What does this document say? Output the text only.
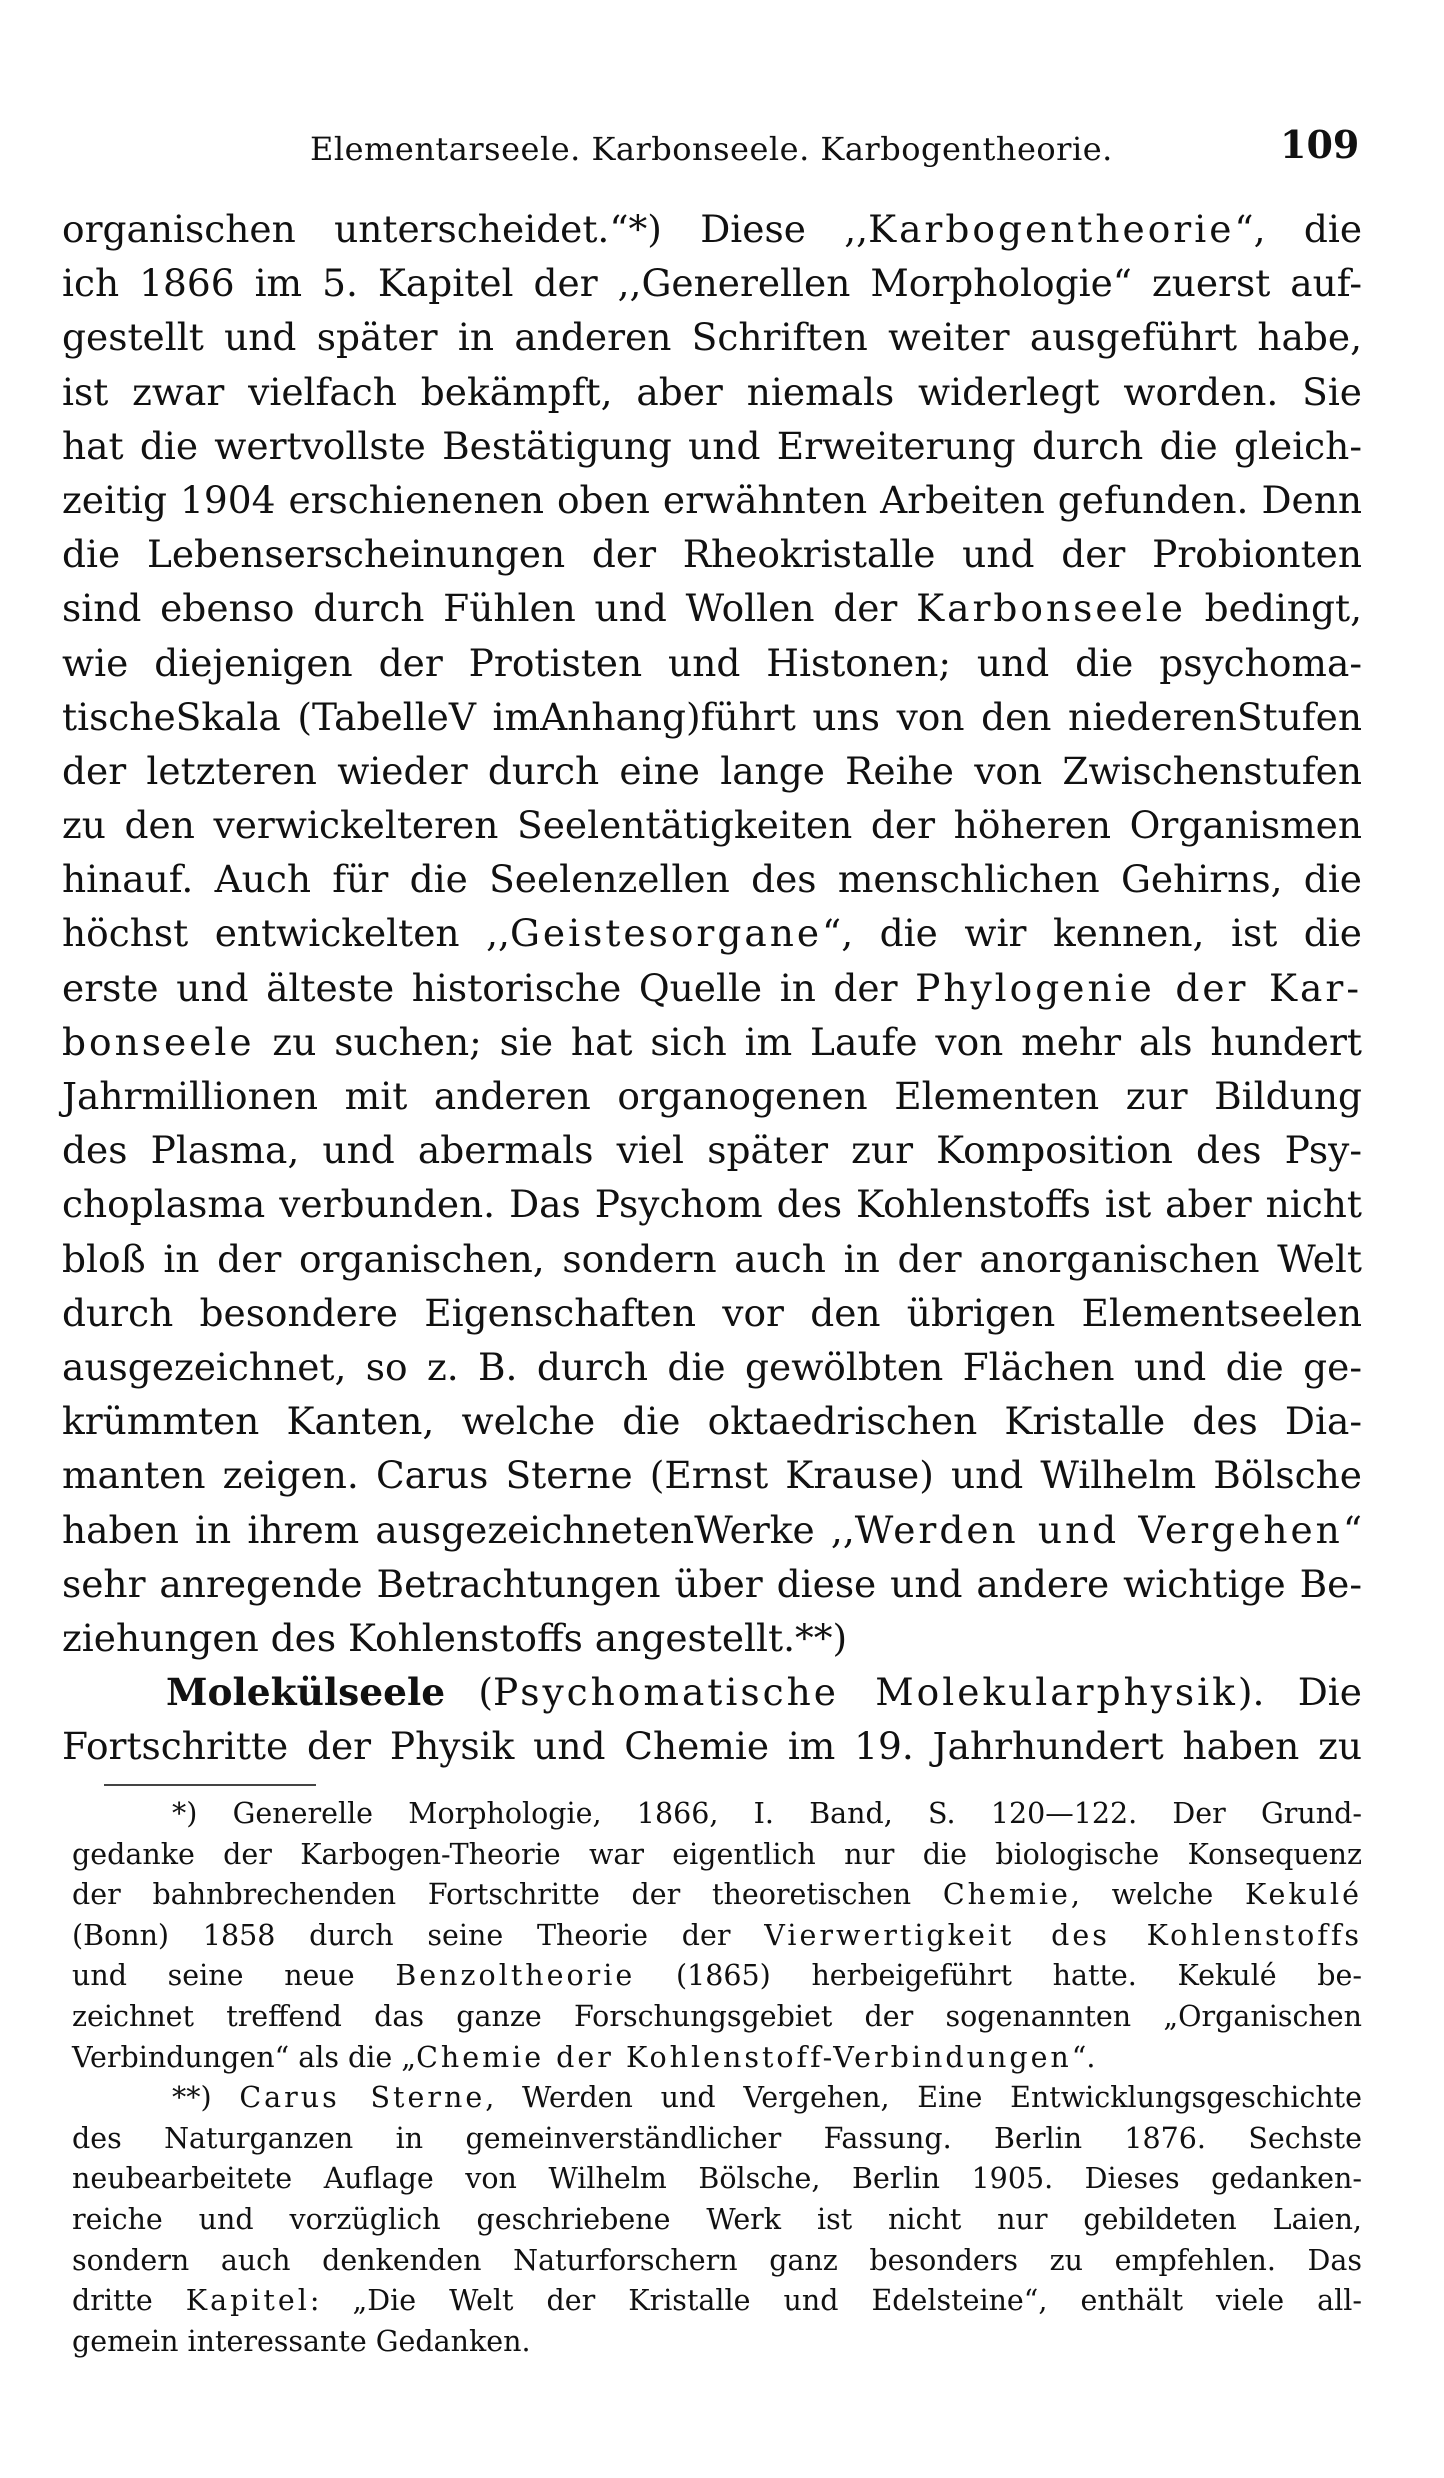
Elementarseele. Karbonseele. Karbogentheorie.	109
organischen unterscheidet.“*) Diese ,,Karbogentheorie“, die
ich 1866 im 5. Kapitel der ,,Generellen Morphologie“ zuerst auf-
gestellt und später in anderen Schriften weiter ausgeführt habe,
ist zwar vielfach bekämpft, aber niemals widerlegt worden. Sie
hat die wertvollste Bestätigung und Erweiterung durch die gleich-
zeitig 1904 erschienenen oben erwähnten Arbeiten gefunden. Denn
die Lebenserscheinungen der Rheokristalle und der Probionten
sind ebenso durch Fühlen und Wollen der Karbonseele bedingt,
wie diejenigen der Protisten und Histonen; und die psychoma-
tischeSkala (TabelleV imAnhang)führt uns von den niederenStufen
der letzteren wieder durch eine lange Reihe von Zwischenstufen
zu den verwickelteren Seelentätigkeiten der höheren Organismen
hinauf. Auch für die Seelenzellen des menschlichen Gehirns, die
höchst entwickelten ,,Geistesorgane“, die wir kennen, ist die
erste und älteste historische Quelle in der Phylogenie der Kar-
bonseele zu suchen; sie hat sich im Laufe von mehr als hundert
Jahrmillionen mit anderen organogenen Elementen zur Bildung
des Plasma, und abermals viel später zur Komposition des Psy-
choplasma verbunden. Das Psychom des Kohlenstoffs ist aber nicht
bloß in der organischen, sondern auch in der anorganischen Welt
durch besondere Eigenschaften vor den übrigen Elementseelen
ausgezeichnet, so z. B. durch die gewölbten Flächen und die ge-
krümmten Kanten, welche die oktaedrischen Kristalle des Dia-
manten zeigen. Carus Sterne (Ernst Krause) und Wilhelm Bölsche
haben in ihrem ausgezeichnetenWerke ,,Werden und Vergehen“
sehr anregende Betrachtungen über diese und andere wichtige Be-
ziehungen des Kohlenstoffs angestellt.**)
Molekülseele (Psychomatische Molekularphysik). Die
Fortschritte der Physik und Chemie im 19. Jahrhundert haben zu
*) Generelle Morphologie, 1866, I. Band, S. 120—122. Der Grund-
gedanke der Karbogen-Theorie war eigentlich nur die biologische Konsequenz
der bahnbrechenden Fortschritte der theoretischen Chemie, welche Kekulé
(Bonn) 1858 durch seine Theorie der Vierwertigkeit des Kohlenstoffs
und seine neue Benzoltheorie (1865) herbeigeführt hatte. Kekulé be-
zeichnet treffend das ganze Forschungsgebiet der sogenannten „Organischen
Verbindungen“ als die „Chemie der Kohlenstoff-Verbindungen“.
**) Carus Sterne, Werden und Vergehen, Eine Entwicklungsgeschichte
des Naturganzen in gemeinverständlicher Fassung. Berlin 1876. Sechste
neubearbeitete Auflage von Wilhelm Bölsche, Berlin 1905. Dieses gedanken-
reiche und vorzüglich geschriebene Werk ist nicht nur gebildeten Laien,
sondern auch denkenden Naturforschern ganz besonders zu empfehlen. Das
dritte Kapitel: „Die Welt der Kristalle und Edelsteine“, enthält viele all-
gemein interessante Gedanken.
